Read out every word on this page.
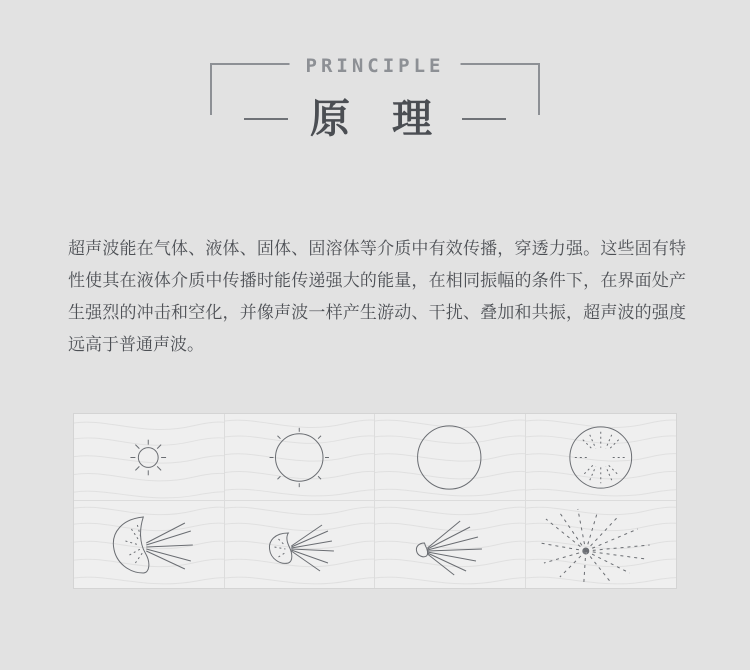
PRINCIPLE
原 理
超声波能在气体、液体、固体、固溶体等介质中有效传播，穿透力强。这些固有特性使其在液体介质中传播时能传递强大的能量，在相同振幅的条件下，在界面处产生强烈的冲击和空化，并像声波一样产生游动、干扰、叠加和共振，超声波的强度远高于普通声波。
